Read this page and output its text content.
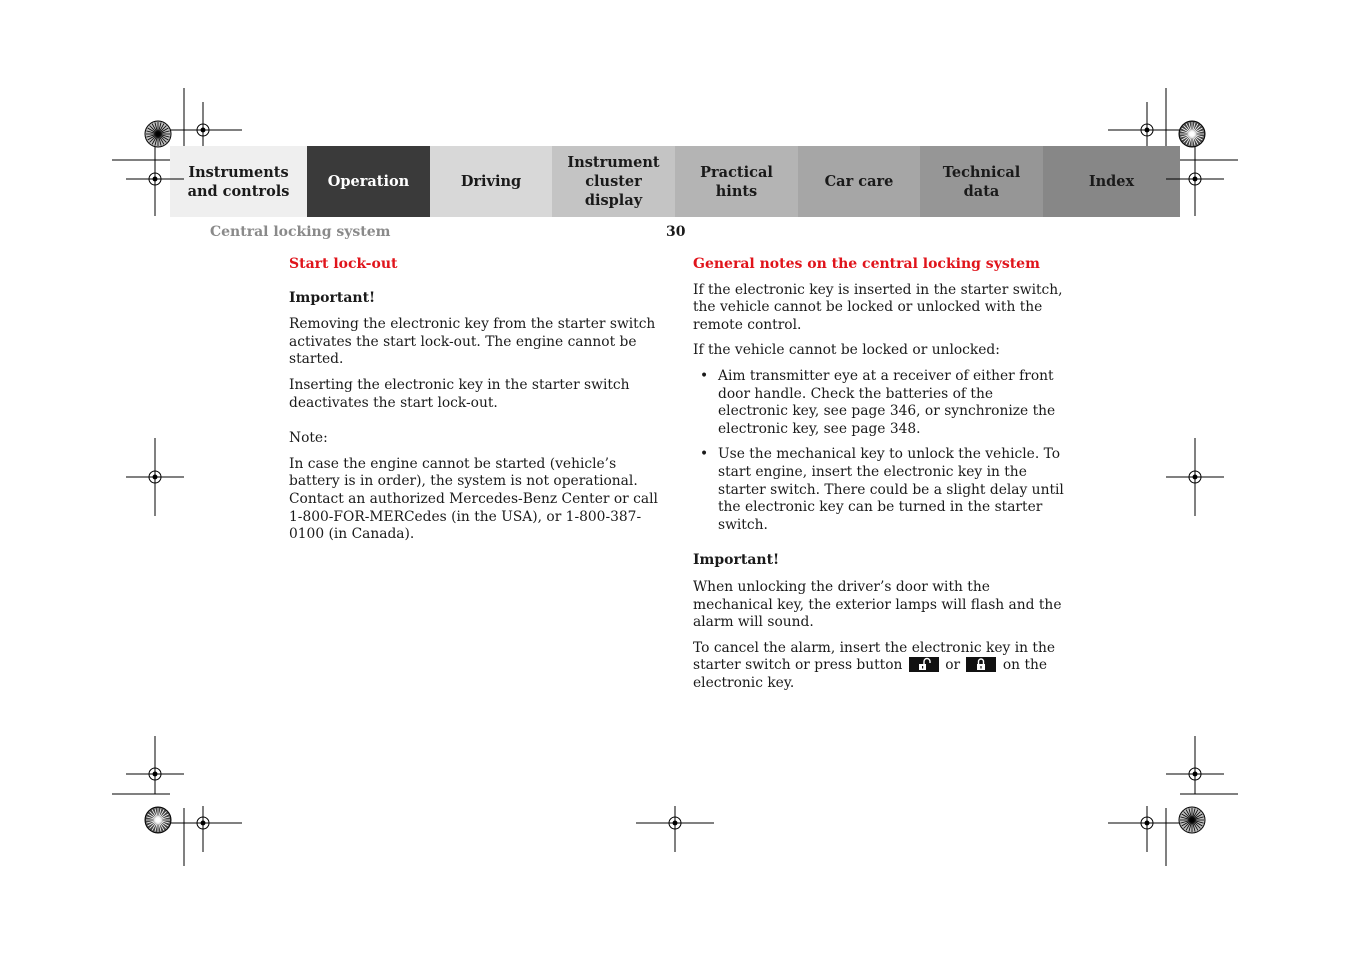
Instruments
and controls
Operation	Driving
Instrument
cluster display
Practical hints
Car care
Technical
data
Index
Central locking system	30
Start lock-out
Important!

Removing the electronic key from the starter switch activates the start lock-out. The engine cannot be started.

Inserting the electronic key in the starter switch deactivates the start lock-out.

Note:

In case the engine cannot be started (vehicle’s battery is in order), the system is not operational. Contact an authorized Mercedes-Benz Center or call 1-800-FOR-MERCedes (in the USA), or 1-800-387-0100 (in Canada).

General notes on the central locking system

If the electronic key is inserted in the starter switch, the vehicle cannot be locked or unlocked with the remote control.

If the vehicle cannot be locked or unlocked:

• Aim transmitter eye at a receiver of either front door handle. Check the batteries of the electronic key, see page 346, or synchronize the electronic key, see page 348.
• Use the mechanical key to unlock the vehicle. To start engine, insert the electronic key in the starter switch. There could be a slight delay until the electronic key can be turned in the starter switch.
Important!

When unlocking the driver’s door with the mechanical key, the exterior lamps will flash and the alarm will sound.

To cancel the alarm, insert the electronic key in the starter switch or press button	or	on the electronic key.
